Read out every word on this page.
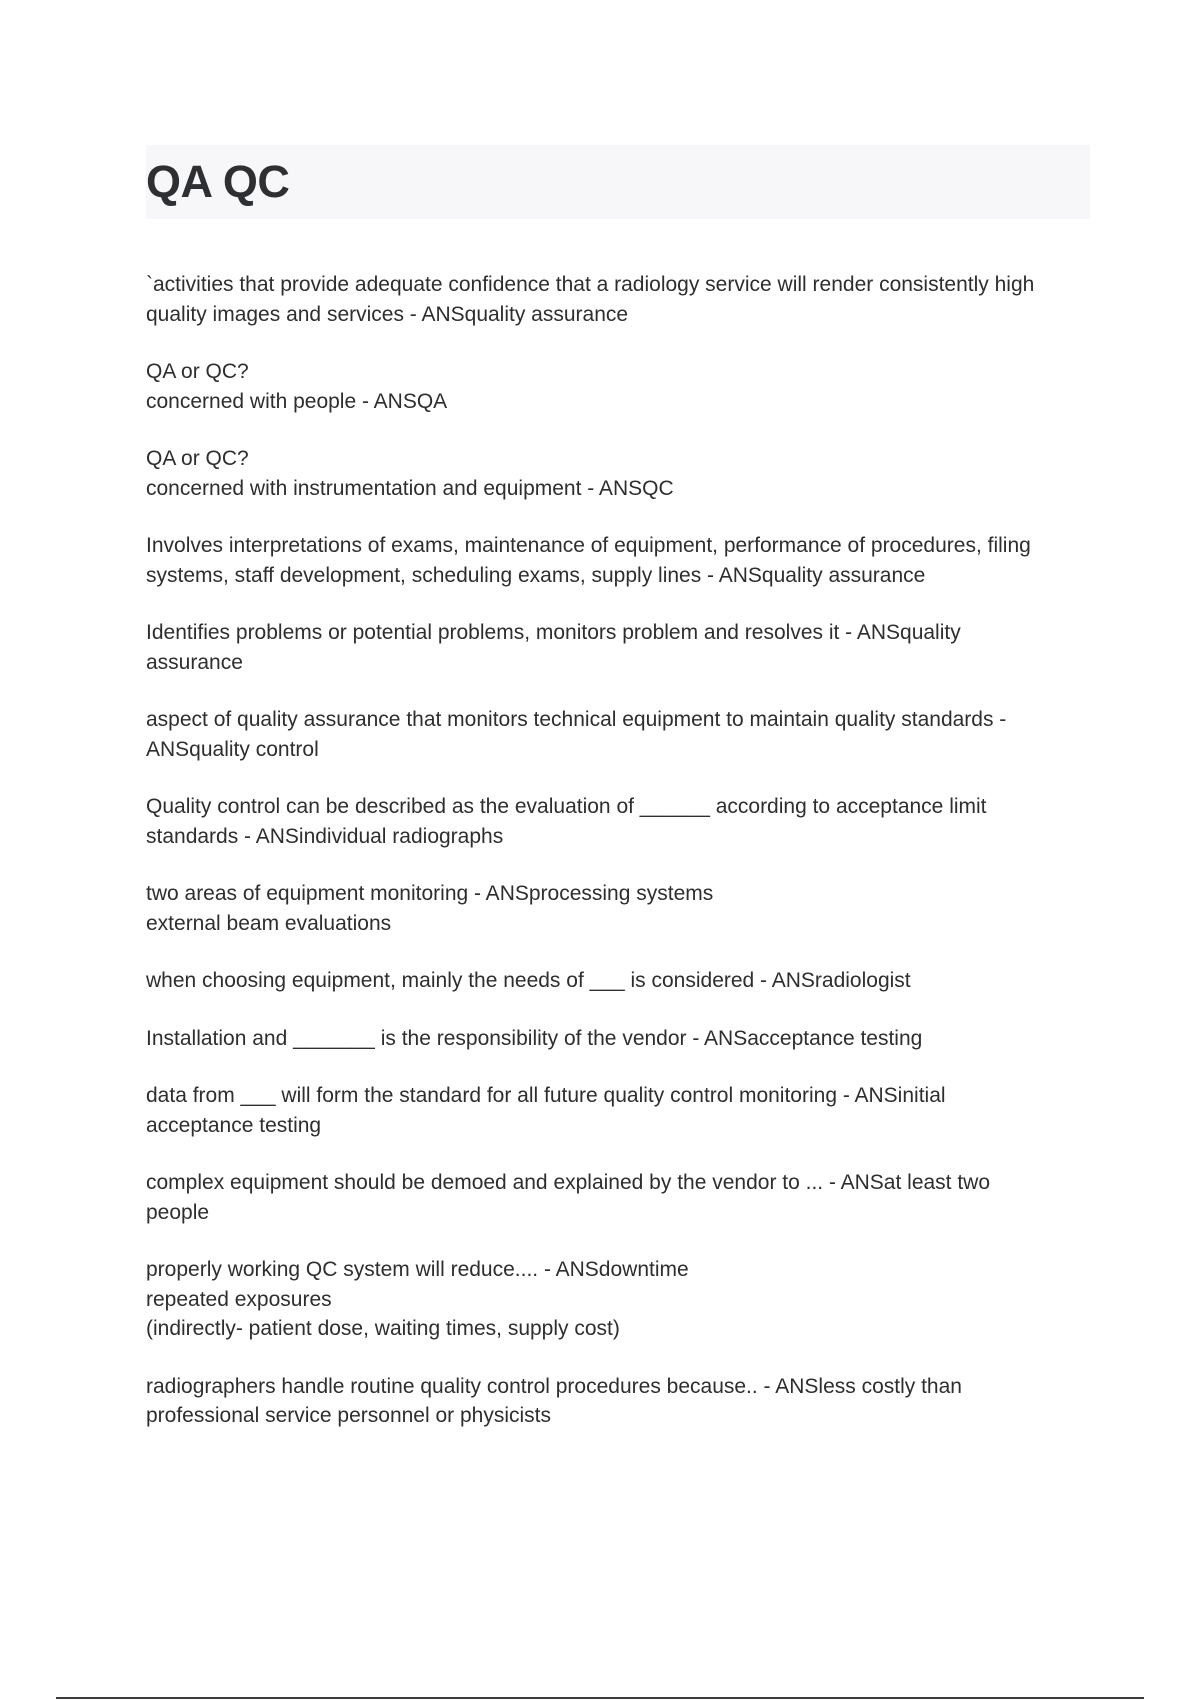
QA QC

`activities that provide adequate confidence that a radiology service will render consistently high
quality images and services - ANSquality assurance

QA or QC?
concerned with people - ANSQA

QA or QC?
concerned with instrumentation and equipment - ANSQC

Involves interpretations of exams, maintenance of equipment, performance of procedures, filing
systems, staff development, scheduling exams, supply lines - ANSquality assurance

Identifies problems or potential problems, monitors problem and resolves it - ANSquality
assurance

aspect of quality assurance that monitors technical equipment to maintain quality standards -
ANSquality control

Quality control can be described as the evaluation of ______ according to acceptance limit
standards - ANSindividual radiographs

two areas of equipment monitoring - ANSprocessing systems
external beam evaluations

when choosing equipment, mainly the needs of ___ is considered - ANSradiologist

Installation and _______ is the responsibility of the vendor - ANSacceptance testing

data from ___ will form the standard for all future quality control monitoring - ANSinitial
acceptance testing

complex equipment should be demoed and explained by the vendor to ... - ANSat least two
people

properly working QC system will reduce.... - ANSdowntime
repeated exposures
(indirectly- patient dose, waiting times, supply cost)

radiographers handle routine quality control procedures because.. - ANSless costly than
professional service personnel or physicists
